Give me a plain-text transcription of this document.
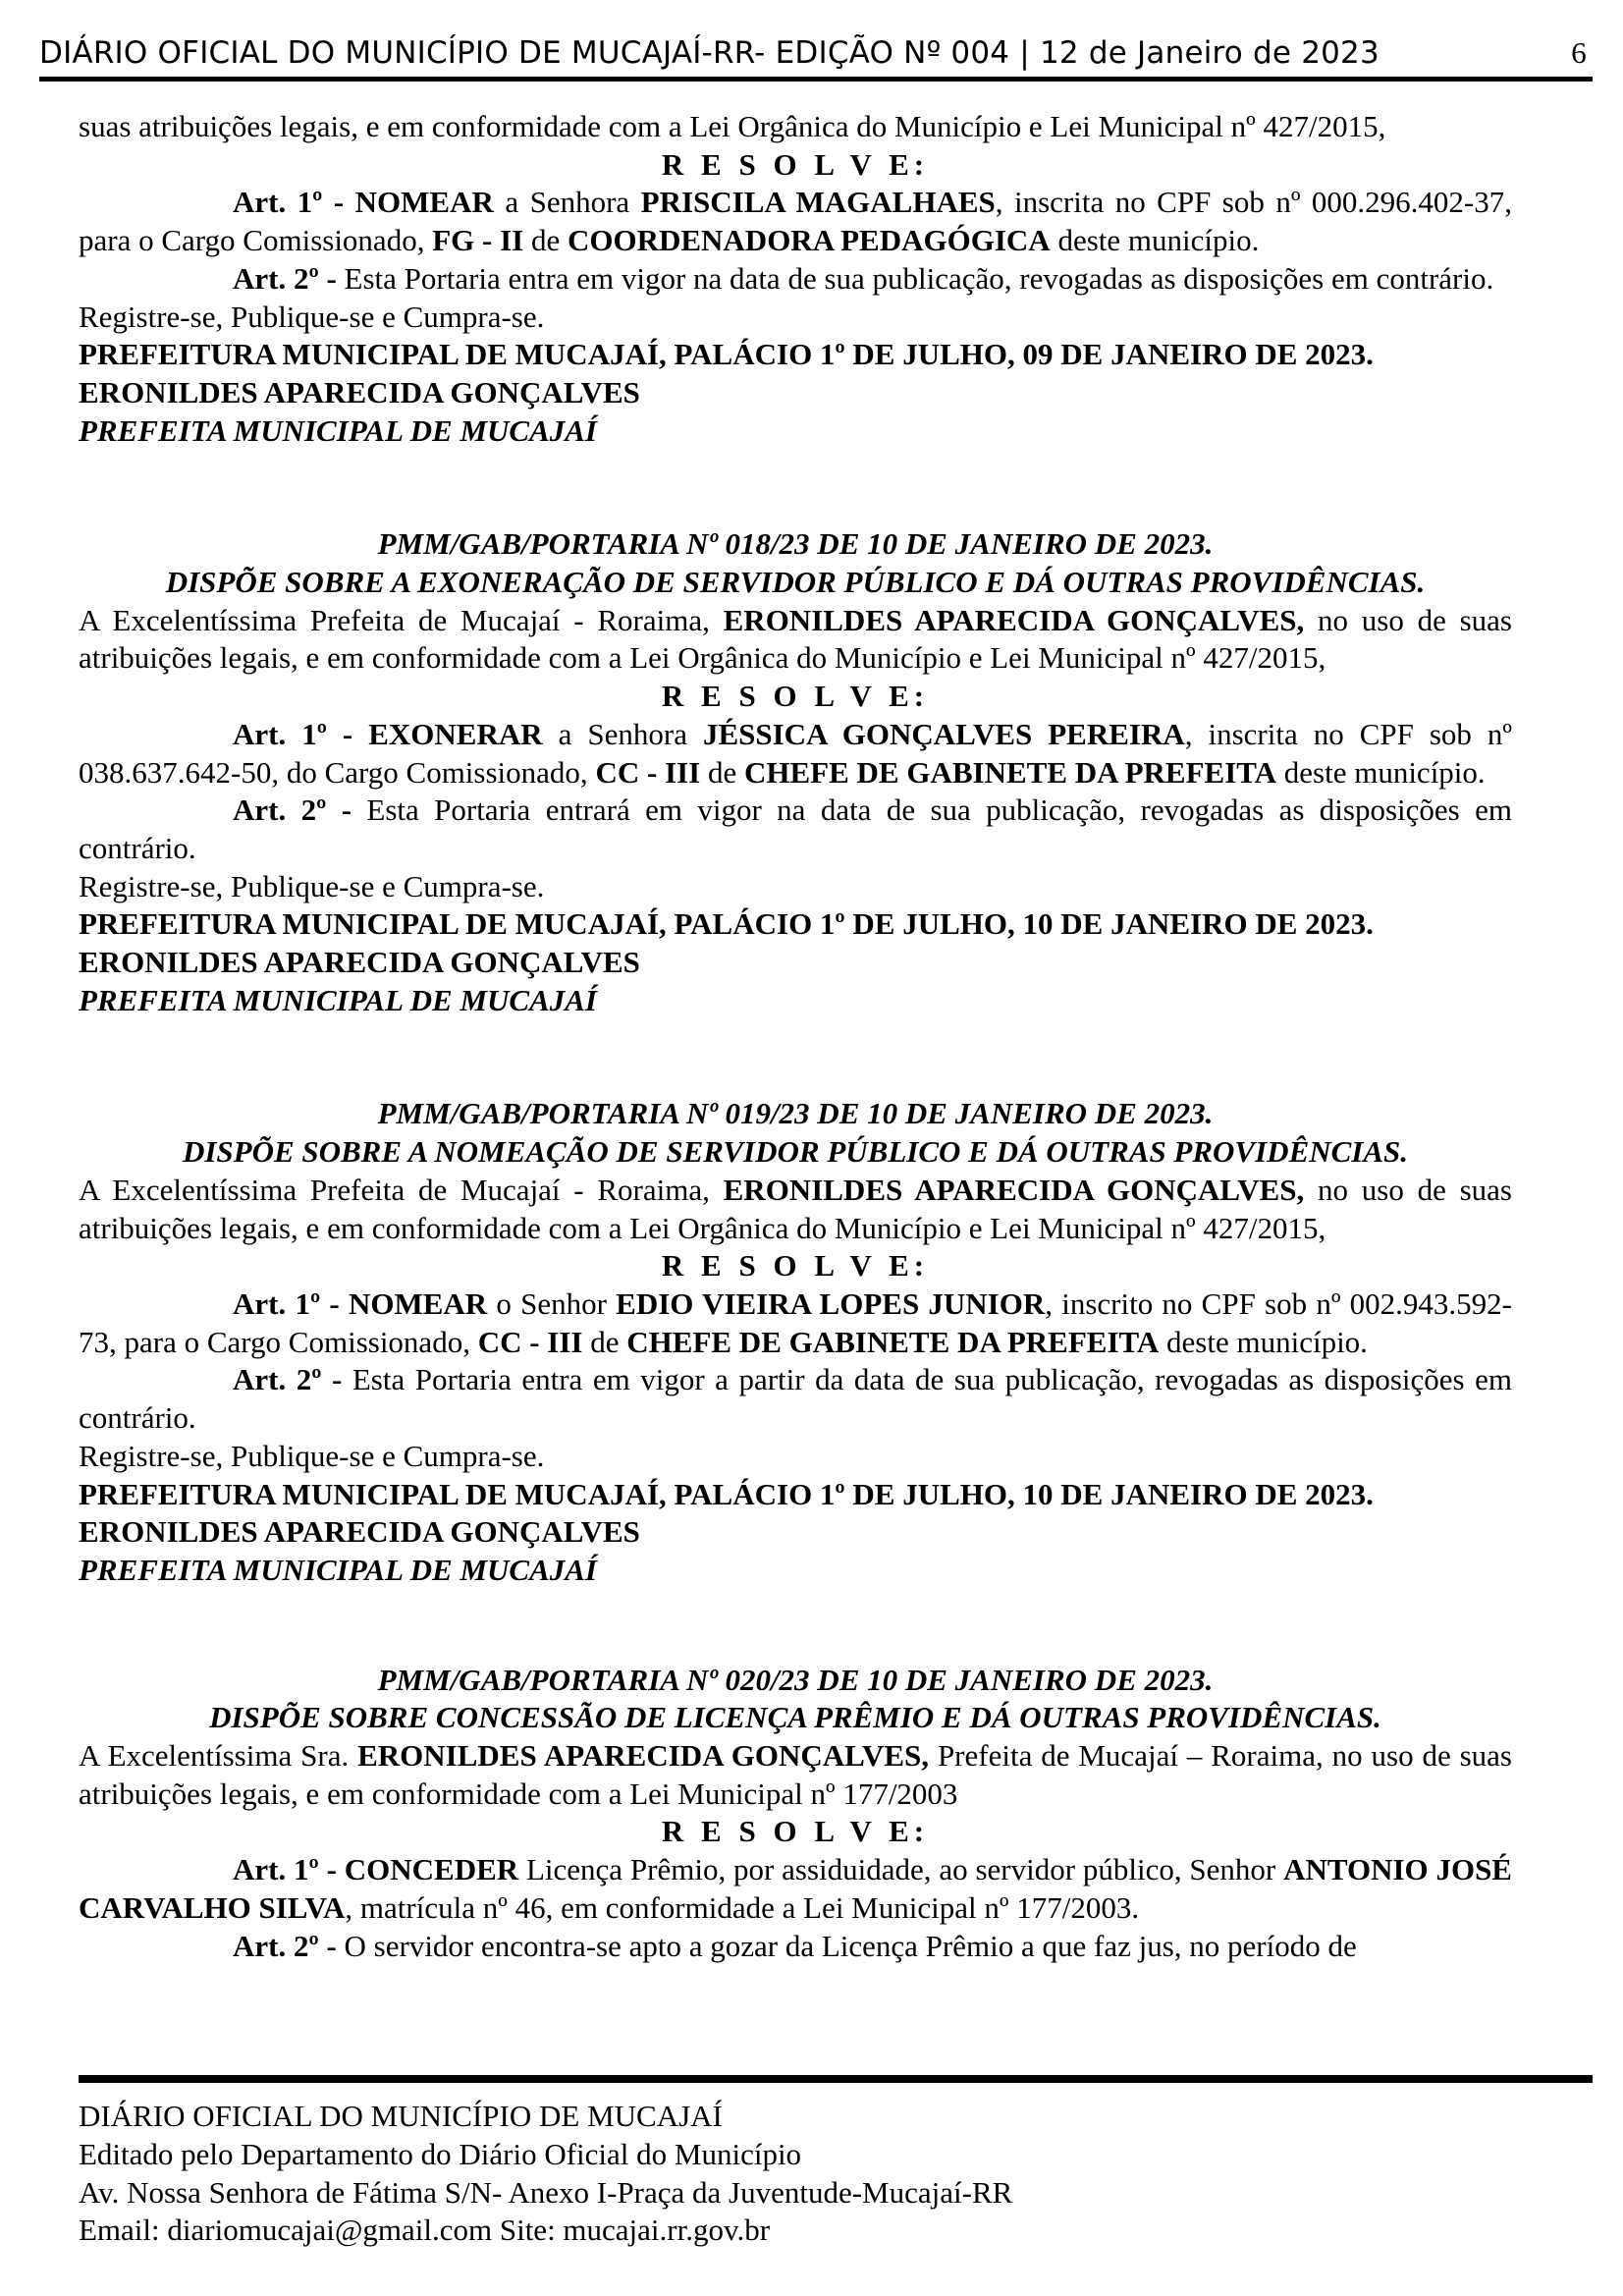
DIÁRIO OFICIAL DO MUNICÍPIO DE MUCAJAÍ-RR- EDIÇÃO Nº 004 | 12 de Janeiro de 2023	6

suas atribuições legais, e em conformidade com a Lei Orgânica do Município e Lei Municipal nº 427/2015,

R E S O L V E:

Art. 1º - NOMEAR a Senhora PRISCILA MAGALHAES, inscrita no CPF sob nº 000.296.402-37, para o Cargo Comissionado, FG - II de COORDENADORA PEDAGÓGICA deste município.

Art. 2º - Esta Portaria entra em vigor na data de sua publicação, revogadas as disposições em contrário.

Registre-se, Publique-se e Cumpra-se.

PREFEITURA MUNICIPAL DE MUCAJAÍ, PALÁCIO 1º DE JULHO, 09 DE JANEIRO DE 2023.

ERONILDES APARECIDA GONÇALVES

PREFEITA MUNICIPAL DE MUCAJAÍ

PMM/GAB/PORTARIA Nº 018/23 DE 10 DE JANEIRO DE 2023.

DISPÕE SOBRE A EXONERAÇÃO DE SERVIDOR PÚBLICO E DÁ OUTRAS PROVIDÊNCIAS.

A Excelentíssima Prefeita de Mucajaí - Roraima, ERONILDES APARECIDA GONÇALVES, no uso de suas atribuições legais, e em conformidade com a Lei Orgânica do Município e Lei Municipal nº 427/2015,

R E S O L V E:

Art. 1º - EXONERAR a Senhora JÉSSICA GONÇALVES PEREIRA, inscrita no CPF sob nº 038.637.642-50, do Cargo Comissionado, CC - III de CHEFE DE GABINETE DA PREFEITA deste município.

Art. 2º - Esta Portaria entrará em vigor na data de sua publicação, revogadas as disposições em contrário.

Registre-se, Publique-se e Cumpra-se.

PREFEITURA MUNICIPAL DE MUCAJAÍ, PALÁCIO 1º DE JULHO, 10 DE JANEIRO DE 2023.

ERONILDES APARECIDA GONÇALVES

PREFEITA MUNICIPAL DE MUCAJAÍ

PMM/GAB/PORTARIA Nº 019/23 DE 10 DE JANEIRO DE 2023.

DISPÕE SOBRE A NOMEAÇÃO DE SERVIDOR PÚBLICO E DÁ OUTRAS PROVIDÊNCIAS.

A Excelentíssima Prefeita de Mucajaí - Roraima, ERONILDES APARECIDA GONÇALVES, no uso de suas atribuições legais, e em conformidade com a Lei Orgânica do Município e Lei Municipal nº 427/2015,

R E S O L V E:

Art. 1º - NOMEAR o Senhor EDIO VIEIRA LOPES JUNIOR, inscrito no CPF sob nº 002.943.592-73, para o Cargo Comissionado, CC - III de CHEFE DE GABINETE DA PREFEITA deste município.

Art. 2º - Esta Portaria entra em vigor a partir da data de sua publicação, revogadas as disposições em contrário.

Registre-se, Publique-se e Cumpra-se.

PREFEITURA MUNICIPAL DE MUCAJAÍ, PALÁCIO 1º DE JULHO, 10 DE JANEIRO DE 2023.

ERONILDES APARECIDA GONÇALVES

PREFEITA MUNICIPAL DE MUCAJAÍ

PMM/GAB/PORTARIA Nº 020/23 DE 10 DE JANEIRO DE 2023.

DISPÕE SOBRE CONCESSÃO DE LICENÇA PRÊMIO E DÁ OUTRAS PROVIDÊNCIAS.

A Excelentíssima Sra. ERONILDES APARECIDA GONÇALVES, Prefeita de Mucajaí – Roraima, no uso de suas atribuições legais, e em conformidade com a Lei Municipal nº 177/2003

R E S O L V E:

Art. 1º - CONCEDER Licença Prêmio, por assiduidade, ao servidor público, Senhor ANTONIO JOSÉ CARVALHO SILVA, matrícula nº 46, em conformidade a Lei Municipal nº 177/2003.

Art. 2º - O servidor encontra-se apto a gozar da Licença Prêmio a que faz jus, no período de

DIÁRIO OFICIAL DO MUNICÍPIO DE MUCAJAÍ

Editado pelo Departamento do Diário Oficial do Município

Av. Nossa Senhora de Fátima S/N- Anexo I-Praça da Juventude-Mucajaí-RR

Email: diariomucajai@gmail.com Site: mucajai.rr.gov.br
